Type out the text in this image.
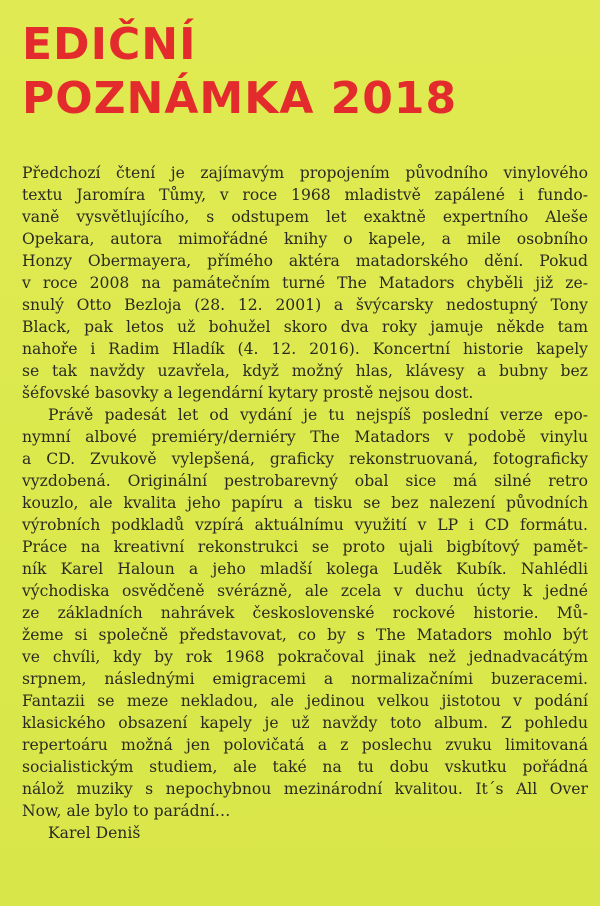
EDIČNÍ
POZNÁMKA 2018
Předchozí čtení je zajímavým propojením původního vinylového
textu Jaromíra Tůmy, v roce 1968 mladistvě zapálené i fundo-
vaně vysvětlujícího, s odstupem let exaktně expertního Aleše
Opekara, autora mimořádné knihy o kapele, a mile osobního
Honzy Obermayera, přímého aktéra matadorského dění. Pokud
v roce 2008 na památečním turné The Matadors chyběli již ze-
snulý Otto Bezloja (28. 12. 2001) a švýcarsky nedostupný Tony
Black, pak letos už bohužel skoro dva roky jamuje někde tam
nahoře i Radim Hladík (4. 12. 2016). Koncertní historie kapely
se tak navždy uzavřela, když možný hlas, klávesy a bubny bez
šéfovské basovky a legendární kytary prostě nejsou dost.
Právě padesát let od vydání je tu nejspíš poslední verze epo-
nymní albové premiéry/derniéry The Matadors v podobě vinylu
a CD. Zvukově vylepšená, graficky rekonstruovaná, fotograficky
vyzdobená. Originální pestrobarevný obal sice má silné retro
kouzlo, ale kvalita jeho papíru a tisku se bez nalezení původních
výrobních podkladů vzpírá aktuálnímu využití v LP i CD formátu.
Práce na kreativní rekonstrukci se proto ujali bigbítový pamět-
ník Karel Haloun a jeho mladší kolega Luděk Kubík. Nahlédli
východiska osvědčeně svérázně, ale zcela v duchu úcty k jedné
ze základních nahrávek československé rockové historie. Mů-
žeme si společně představovat, co by s The Matadors mohlo být
ve chvíli, kdy by rok 1968 pokračoval jinak než jednadvacátým
srpnem, následnými emigracemi a normalizačními buzeracemi.
Fantazii se meze nekladou, ale jedinou velkou jistotou v podání
klasického obsazení kapely je už navždy toto album. Z pohledu
repertoáru možná jen polovičatá a z poslechu zvuku limitovaná
socialistickým studiem, ale také na tu dobu vskutku pořádná
nálož muziky s nepochybnou mezinárodní kvalitou. It´s All Over
Now, ale bylo to parádní…
Karel Deniš
